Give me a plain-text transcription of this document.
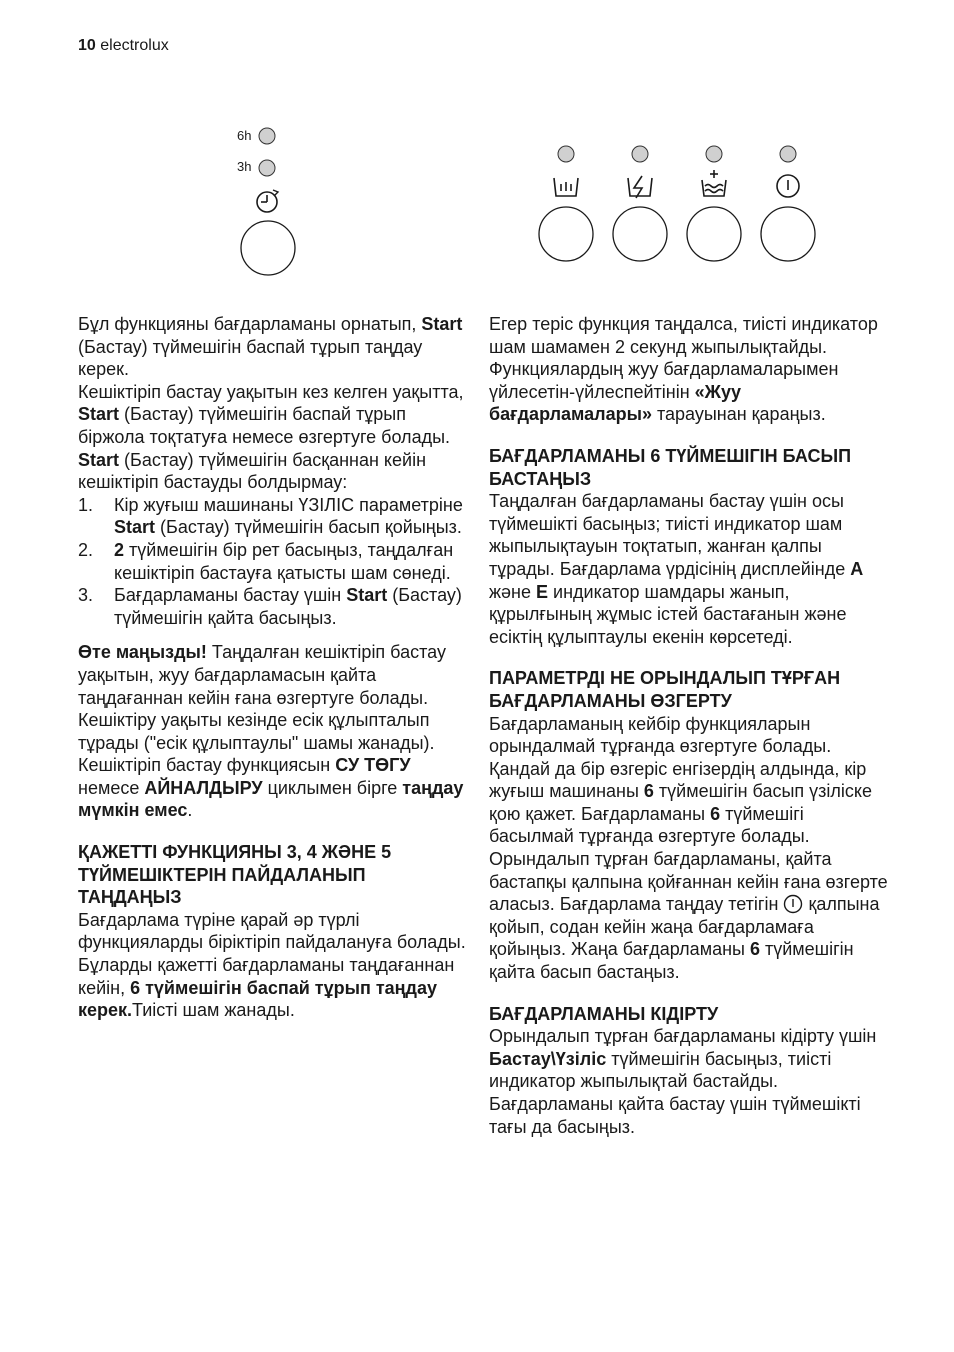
10 electrolux
6h
3h

Бұл функцияны бағдарламаны орнатып, Start (Бастау) түймешігін баспай тұрып таңдау керек.

Кешіктіріп бастау уақытын кез келген уақытта, Start (Бастау) түймешігін баспай тұрып біржола тоқтатуға немесе өзгертуге болады.

Start (Бастау) түймешігін басқаннан кейін кешіктіріп бастауды болдырмау:

1. Кір жуғыш машинаны ҮЗІЛІС параметріне Start (Бастау) түймешігін басып қойыңыз.
2. 2 түймешігін бір рет басыңыз, таңдалған кешіктіріп бастауға қатысты шам сөнеді.
3. Бағдарламаны бастау үшін Start (Бастау) түймешігін қайта басыңыз.

Өте маңызды! Таңдалған кешіктіріп бастау уақытын, жуу бағдарламасын қайта таңдағаннан кейін ғана өзгертуге болады.

Кешіктіру уақыты кезінде есік құлыпталып тұрады ("есік құлыптаулы" шамы жанады).

Кешіктіріп бастау функциясын СУ ТӨГУ немесе АЙНАЛДЫРУ циклымен бірге таңдау мүмкін емес.

ҚАЖЕТТІ ФУНКЦИЯНЫ 3, 4 ЖӘНЕ 5 ТҮЙМЕШІКТЕРІН ПАЙДАЛАНЫП ТАҢДАҢЫЗ

Бағдарлама түріне қарай әр түрлі функцияларды біріктіріп пайдалануға болады. Бұларды қажетті бағдарламаны таңдағаннан кейін, 6 түймешігін баспай тұрып таңдау керек.Тиісті шам жанады.

Егер теріс функция таңдалса, тиісті индикатор шам шамамен 2 секунд жыпылықтайды. Функциялардың жуу бағдарламаларымен үйлесетін-үйлеспейтінін «Жуу бағдарламалары» тарауынан қараңыз.

БАҒДАРЛАМАНЫ 6 ТҮЙМЕШІГІН БАСЫП БАСТАҢЫЗ

Таңдалған бағдарламаны бастау үшін осы түймешікті басыңыз; тиісті индикатор шам жыпылықтауын тоқтатып, жанған қалпы тұрады. Бағдарлама үрдісінің дисплейінде А және Е индикатор шамдары жанып, құрылғының жұмыс істей бастағанын және есіктің құлыптаулы екенін көрсетеді.

ПАРАМЕТРДІ НЕ ОРЫНДАЛЫП ТҰРҒАН БАҒДАРЛАМАНЫ ӨЗГЕРТУ

Бағдарламаның кейбір функцияларын орындалмай тұрғанда өзгертуге болады.

Қандай да бір өзгеріс енгізердің алдында, кір жуғыш машинаны 6 түймешігін басып үзіліске қою қажет. Бағдарламаны 6 түймешігі басылмай тұрғанда өзгертуге болады. Орындалып тұрған бағдарламаны, қайта бастапқы қалпына қойғаннан кейін ғана өзгерте аласыз. Бағдарлама таңдау тетігін  қалпына қойып, содан кейін жаңа бағдарламаға қойыңыз. Жаңа бағдарламаны 6 түймешігін қайта басып бастаңыз.

БАҒДАРЛАМАНЫ КІДІРТУ

Орындалып тұрған бағдарламаны кідірту үшін Бастау\Үзіліс түймешігін басыңыз, тиісті индикатор жыпылықтай бастайды. Бағдарламаны қайта бастау үшін түймешікті тағы да басыңыз.
